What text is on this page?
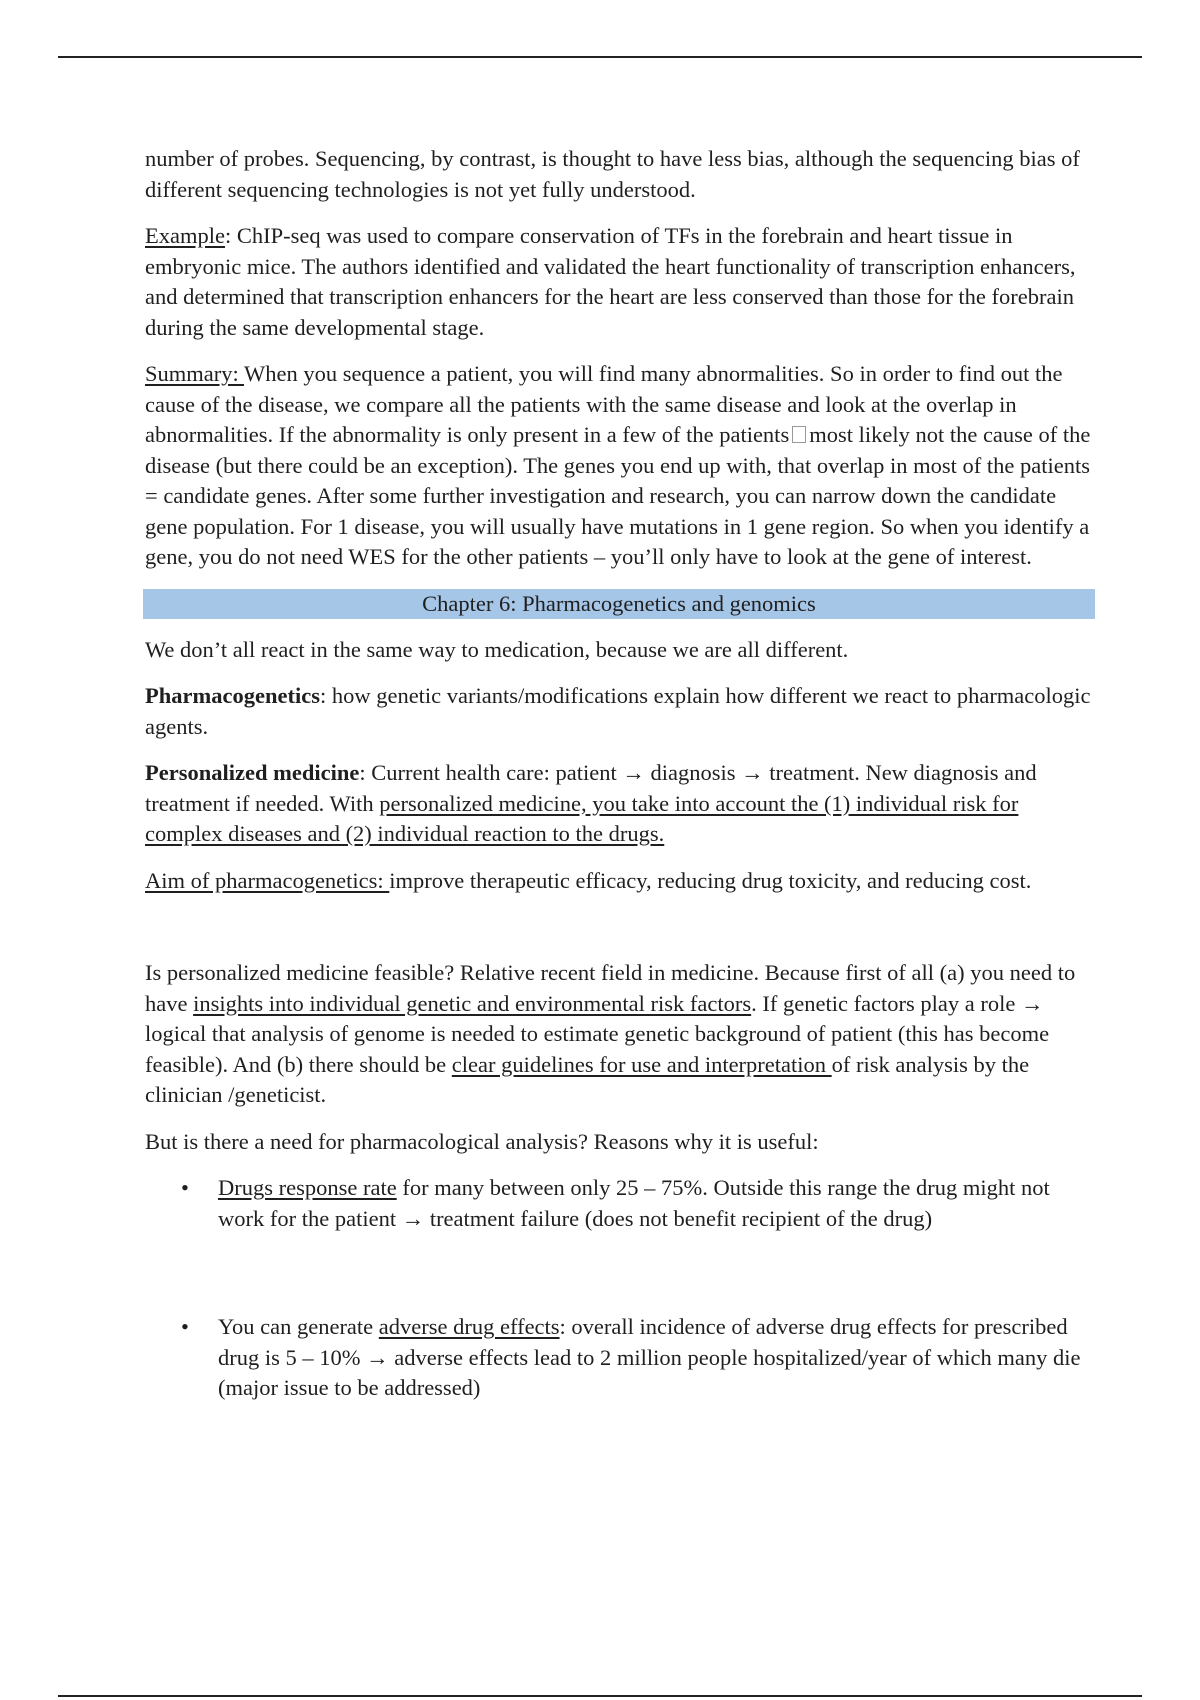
number of probes. Sequencing, by contrast, is thought to have less bias, although the sequencing bias of different sequencing technologies is not yet fully understood.

Example: ChIP-seq was used to compare conservation of TFs in the forebrain and heart tissue in embryonic mice. The authors identified and validated the heart functionality of transcription enhancers, and determined that transcription enhancers for the heart are less conserved than those for the forebrain during the same developmental stage.

Summary: When you sequence a patient, you will find many abnormalities. So in order to find out the cause of the disease, we compare all the patients with the same disease and look at the overlap in abnormalities. If the abnormality is only present in a few of the patients most likely not the cause of the disease (but there could be an exception). The genes you end up with, that overlap in most of the patients = candidate genes. After some further investigation and research, you can narrow down the candidate gene population. For 1 disease, you will usually have mutations in 1 gene region. So when you identify a gene, you do not need WES for the other patients – you’ll only have to look at the gene of interest.

Chapter 6: Pharmacogenetics and genomics

We don’t all react in the same way to medication, because we are all different.

Pharmacogenetics: how genetic variants/modifications explain how different we react to pharmacologic agents.

Personalized medicine: Current health care: patient → diagnosis → treatment. New diagnosis and treatment if needed. With personalized medicine, you take into account the (1) individual risk for complex diseases and (2) individual reaction to the drugs.

Aim of pharmacogenetics: improve therapeutic efficacy, reducing drug toxicity, and reducing cost.

Is personalized medicine feasible? Relative recent field in medicine. Because first of all (a) you need to have insights into individual genetic and environmental risk factors. If genetic factors play a role → logical that analysis of genome is needed to estimate genetic background of patient (this has become feasible). And (b) there should be clear guidelines for use and interpretation of risk analysis by the clinician /geneticist.

But is there a need for pharmacological analysis? Reasons why it is useful:

• Drugs response rate for many between only 25 – 75%. Outside this range the drug might not work for the patient → treatment failure (does not benefit recipient of the drug)
• You can generate adverse drug effects: overall incidence of adverse drug effects for prescribed drug is 5 – 10% → adverse effects lead to 2 million people hospitalized/year of which many die (major issue to be addressed)
